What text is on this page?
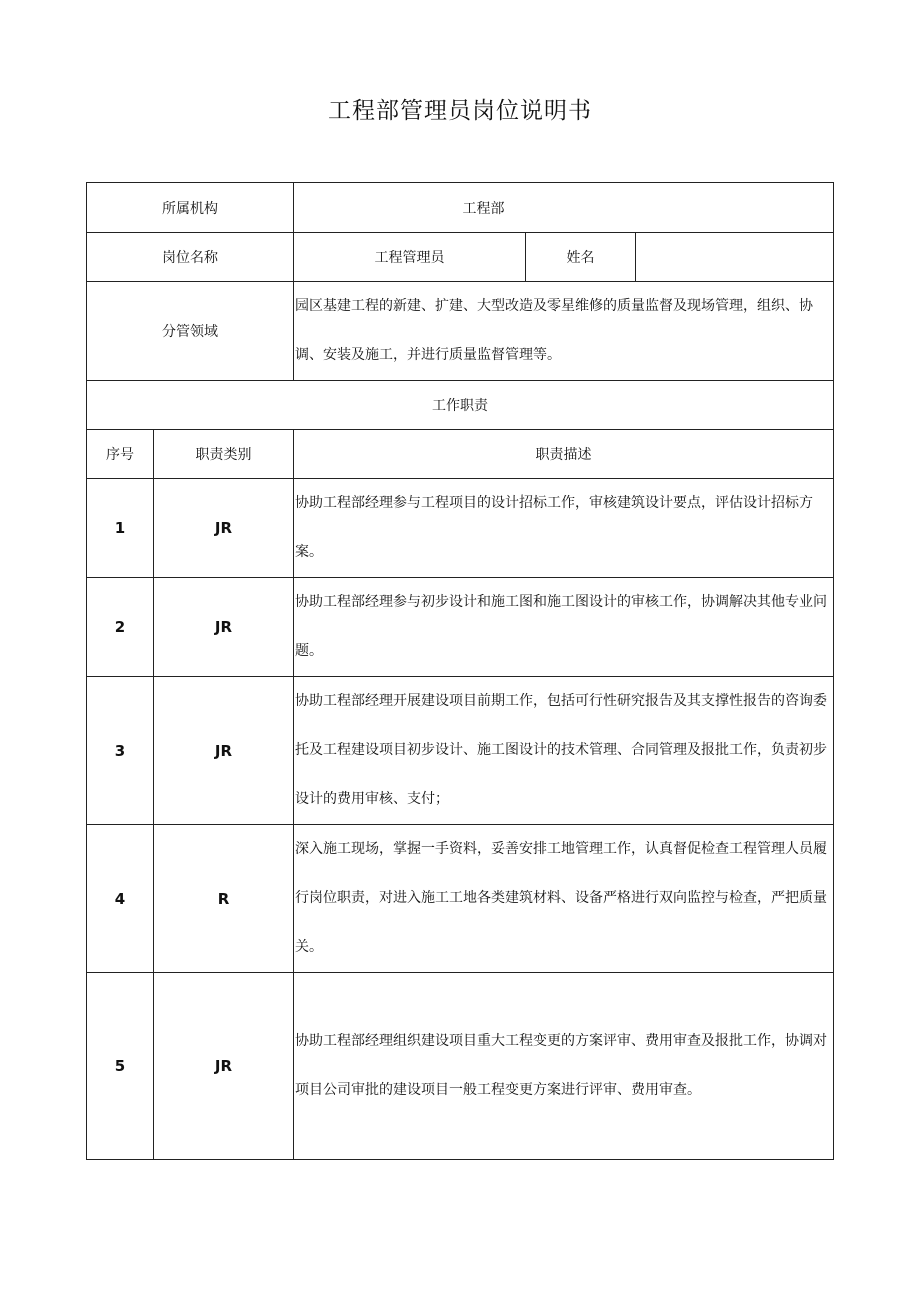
工程部管理员岗位说明书
所属机构		工程部		
岗位名称		工程管理员	姓名	
分管领域		园区基建工程的新建、扩建、大型改造及零星维修的质量监督及现场管理，组织、协调、安装及施工，并进行质量监督管理等。		
工作职责				
序号	职责类别	职责描述		
1	JR	协助工程部经理参与工程项目的设计招标工作，审核建筑设计要点，评估设计招标方案。		
2	JR	协助工程部经理参与初步设计和施工图和施工图设计的审核工作，协调解决其他专业问题。		
3	JR	协助工程部经理开展建设项目前期工作，包括可行性研究报告及其支撑性报告的咨询委托及工程建设项目初步设计、施工图设计的技术管理、合同管理及报批工作，负责初步设计的费用审核、支付；		
4	R	深入施工现场，掌握一手资料，妥善安排工地管理工作，认真督促检查工程管理人员履行岗位职责，对进入施工工地各类建筑材料、设备严格进行双向监控与检查，严把质量关。		
5	JR	协助工程部经理组织建设项目重大工程变更的方案评审、费用审查及报批工作，协调对项目公司审批的建设项目一般工程变更方案进行评审、费用审查。		
